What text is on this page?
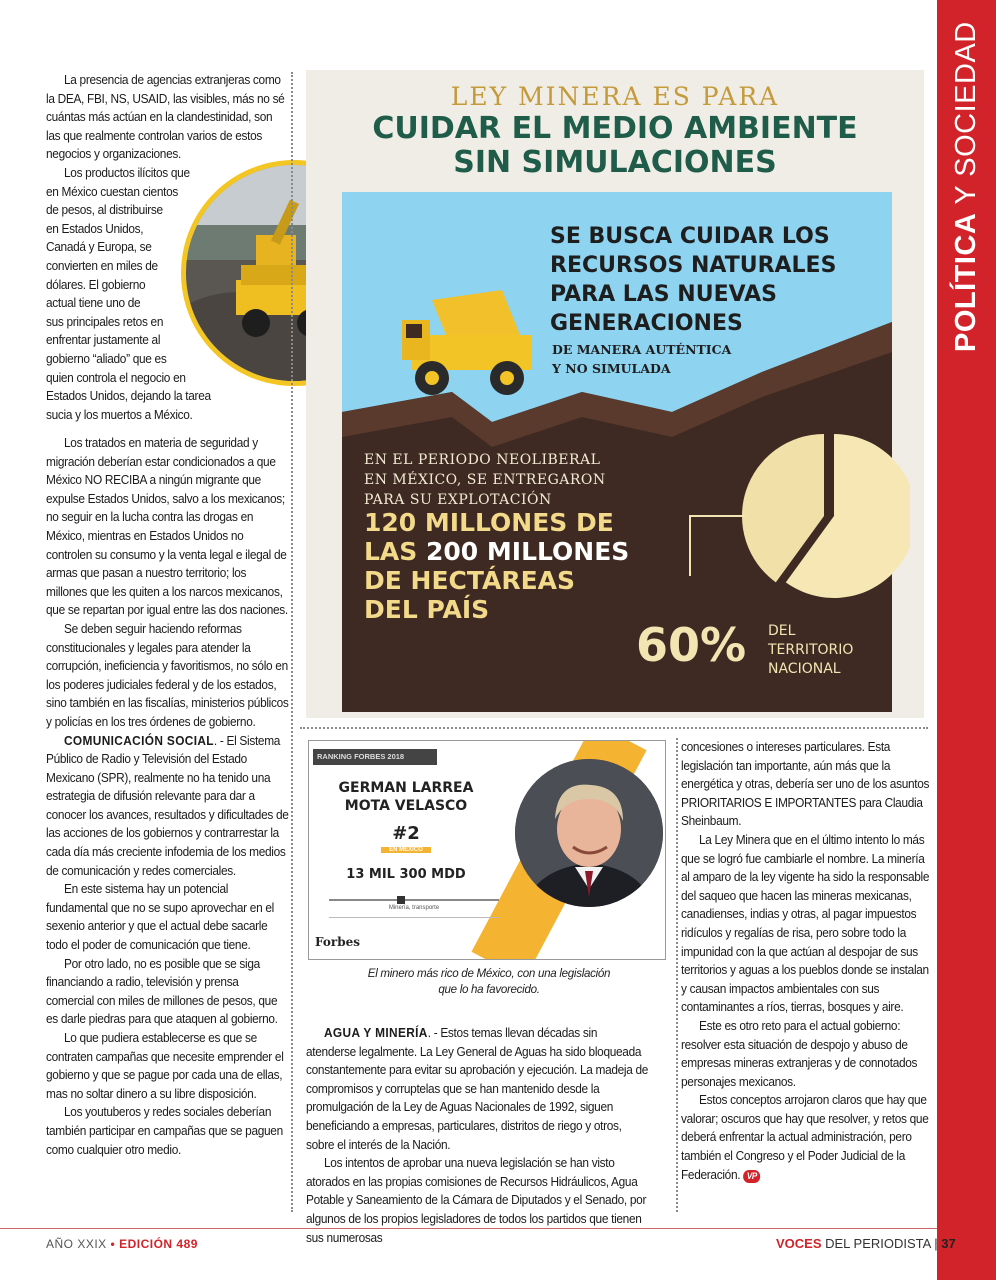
POLÍTICA Y SOCIEDAD

La presencia de agencias extranjeras como la DEA, FBI, NS, USAID, las visibles, más no sé cuántas más actúan en la clandestinidad, son las que realmente controlan varios de estos negocios y organizaciones.

Los productos ilícitos que

en México cuestan cientos

de pesos, al distribuirse

en Estados Unidos,

Canadá y Europa, se

convierten en miles de

dólares. El gobierno

actual tiene uno de

sus principales retos en

enfrentar justamente al

gobierno “aliado” que es

quien controla el negocio en

Estados Unidos, dejando la tarea

sucia y los muertos a México.

Los tratados en materia de seguridad y migración deberían estar condicionados a que México NO RECIBA a ningún migrante que expulse Estados Unidos, salvo a los mexicanos; no seguir en la lucha contra las drogas en México, mientras en Estados Unidos no controlen su consumo y la venta legal e ilegal de armas que pasan a nuestro territorio; los millones que les quiten a los narcos mexicanos, que se repartan por igual entre las dos naciones.

Se deben seguir haciendo reformas constitucionales y legales para atender la corrupción, ineficiencia y favoritismos, no sólo en los poderes judiciales federal y de los estados, sino también en las fiscalías, ministerios públicos y policías en los tres órdenes de gobierno.

COMUNICACIÓN SOCIAL. - El Sistema Público de Radio y Televisión del Estado Mexicano (SPR), realmente no ha tenido una estrategia de difusión relevante para dar a conocer los avances, resultados y dificultades de las acciones de los gobiernos y contrarrestar la cada día más creciente infodemia de los medios de comunicación y redes comerciales.

En este sistema hay un potencial fundamental que no se supo aprovechar en el sexenio anterior y que el actual debe sacarle todo el poder de comunicación que tiene.

Por otro lado, no es posible que se siga financiando a radio, televisión y prensa comercial con miles de millones de pesos, que es darle piedras para que ataquen al gobierno.

Lo que pudiera establecerse es que se contraten campañas que necesite emprender el gobierno y que se pague por cada una de ellas, mas no soltar dinero a su libre disposición.

Los youtuberos y redes sociales deberían también participar en campañas que se paguen como cualquier otro medio.

LEY MINERA ES PARA
CUIDAR EL MEDIO AMBIENTE
SIN SIMULACIONES
SE BUSCA CUIDAR LOS
RECURSOS NATURALES
PARA LAS NUEVAS
GENERACIONES
DE MANERA AUTÉNTICA
Y NO SIMULADA
EN EL PERIODO NEOLIBERAL
EN MÉXICO, SE ENTREGARON
PARA SU EXPLOTACIÓN
120 MILLONES DE
LAS 200 MILLONES
DE HECTÁREAS
DEL PAÍS
60% DEL
TERRITORIO
NACIONAL
RANKING FORBES 2018
GERMAN LARREA
MOTA VELASCO
#2
EN MÉXICO
13 MIL 300 MDD
Minería, transporte
Forbes
El minero más rico de México, con una legislación que lo ha favorecido.

AGUA Y MINERÍA. - Estos temas llevan décadas sin atenderse legalmente. La Ley General de Aguas ha sido bloqueada constantemente para evitar su aprobación y ejecución. La madeja de compromisos y corruptelas que se han mantenido desde la promulgación de la Ley de Aguas Nacionales de 1992, siguen beneficiando a empresas, particulares, distritos de riego y otros, sobre el interés de la Nación.

Los intentos de aprobar una nueva legislación se han visto atorados en las propias comisiones de Recursos Hidráulicos, Agua Potable y Saneamiento de la Cámara de Diputados y el Senado, por algunos de los propios legisladores de todos los partidos que tienen sus numerosas

concesiones o intereses particulares. Esta legislación tan importante, aún más que la energética y otras, debería ser uno de los asuntos PRIORITARIOS E IMPORTANTES para Claudia Sheinbaum.

La Ley Minera que en el último intento lo más que se logró fue cambiarle el nombre. La minería al amparo de la ley vigente ha sido la responsable del saqueo que hacen las mineras mexicanas, canadienses, indias y otras, al pagar impuestos ridículos y regalías de risa, pero sobre todo la impunidad con la que actúan al despojar de sus territorios y aguas a los pueblos donde se instalan y causan impactos ambientales con sus contaminantes a ríos, tierras, bosques y aire.

Este es otro reto para el actual gobierno: resolver esta situación de despojo y abuso de empresas mineras extranjeras y de connotados personajes mexicanos.

Estos conceptos arrojaron claros que hay que valorar; oscuros que hay que resolver, y retos que deberá enfrentar la actual administración, pero también el Congreso y el Poder Judicial de la Federación. VP

AÑO XXIX • EDICIÓN 489	VOCES DEL PERIODISTA | 37
